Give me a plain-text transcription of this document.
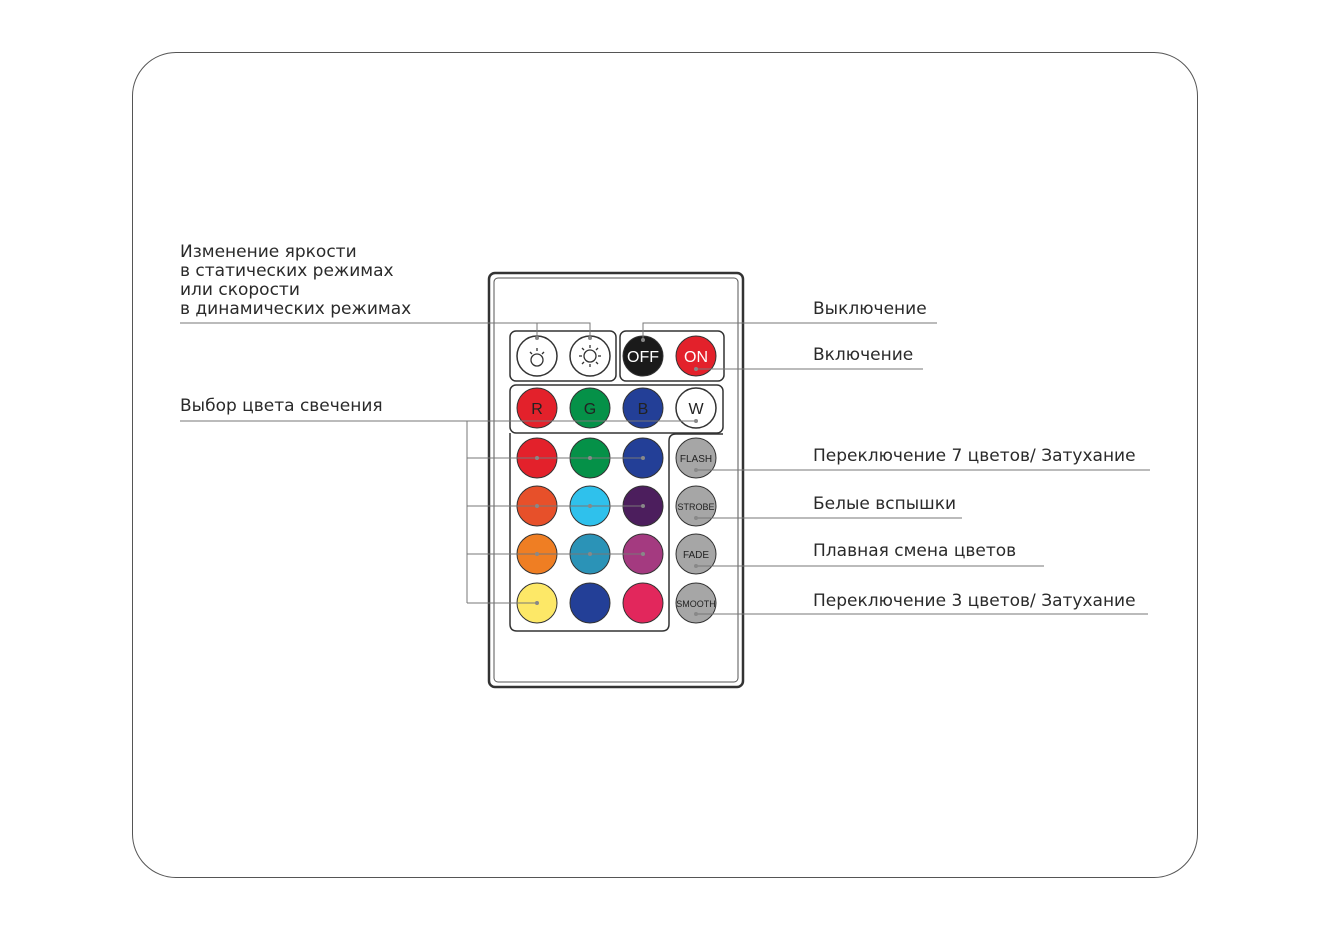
OFF ON
R	G	B	W
FLASH
STROBE
FADE
SMOOTH
Изменение яркости
в статических режимах
или скорости
в динамических режимах	Выключение
Включение
Выбор цвета свечения
Переключение 7 цветов/ Затухание
Белые вспышки
Плавная смена цветов
Переключение 3 цветов/ Затухание
